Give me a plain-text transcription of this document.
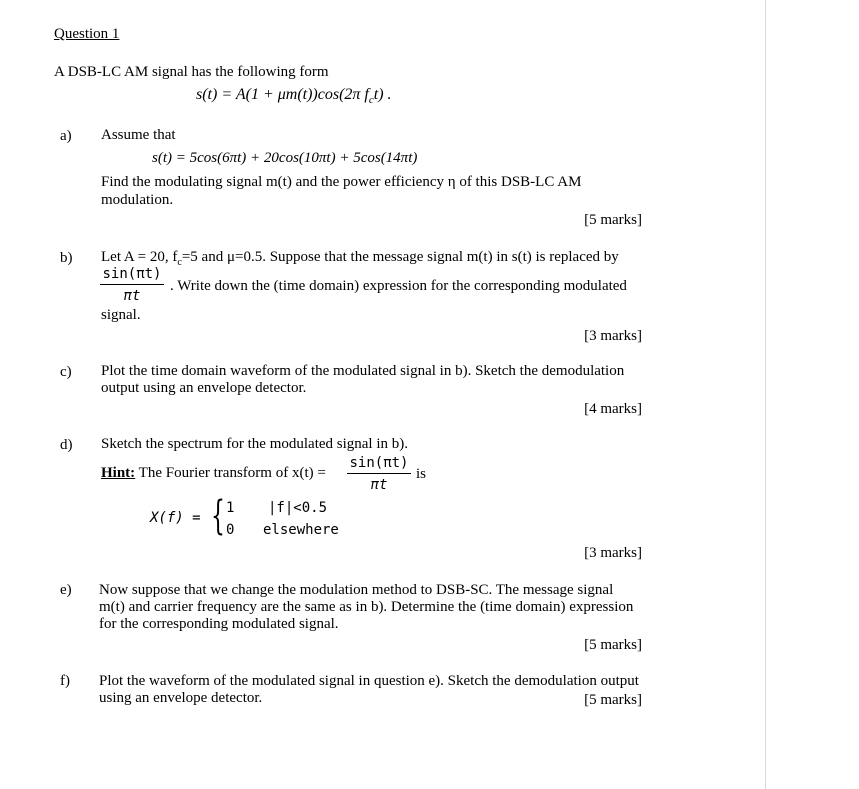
Question 1
A DSB-LC AM signal has the following form
s(t) = A(1 + μm(t))cos(2π $f_ct$) .
a) Assume that
s(t) = 5cos(6πt) + 20cos(10πt) + 5cos(14πt)
Find the modulating signal m(t) and the power efficiency η of this DSB-LC AM
modulation.
[5 marks]
b) Let A = 20, $f_c=5$ and μ=0.5. Suppose that the message signal m(t) in s(t) is replaced by
$\frac{\sin(\pi t)}{\pi t}$ . Write down the (time domain) expression for the corresponding modulated
signal.
[3 marks]
c) Plot the time domain waveform of the modulated signal in b). Sketch the demodulation
output using an envelope detector.
[4 marks]
d) Sketch the spectrum for the modulated signal in b).
Hint: The Fourier transform of $x(t) = \frac{\sin(\pi t)}{\pi t}$ is
X(f) = { 1 |f|<0.5
0 elsewhere
[3 marks]
e) Now suppose that we change the modulation method to DSB-SC. The message signal
m(t) and carrier frequency are the same as in b). Determine the (time domain) expression
for the corresponding modulated signal.
[5 marks]
f) Plot the waveform of the modulated signal in question e). Sketch the demodulation output
using an envelope detector.	[5 marks]
